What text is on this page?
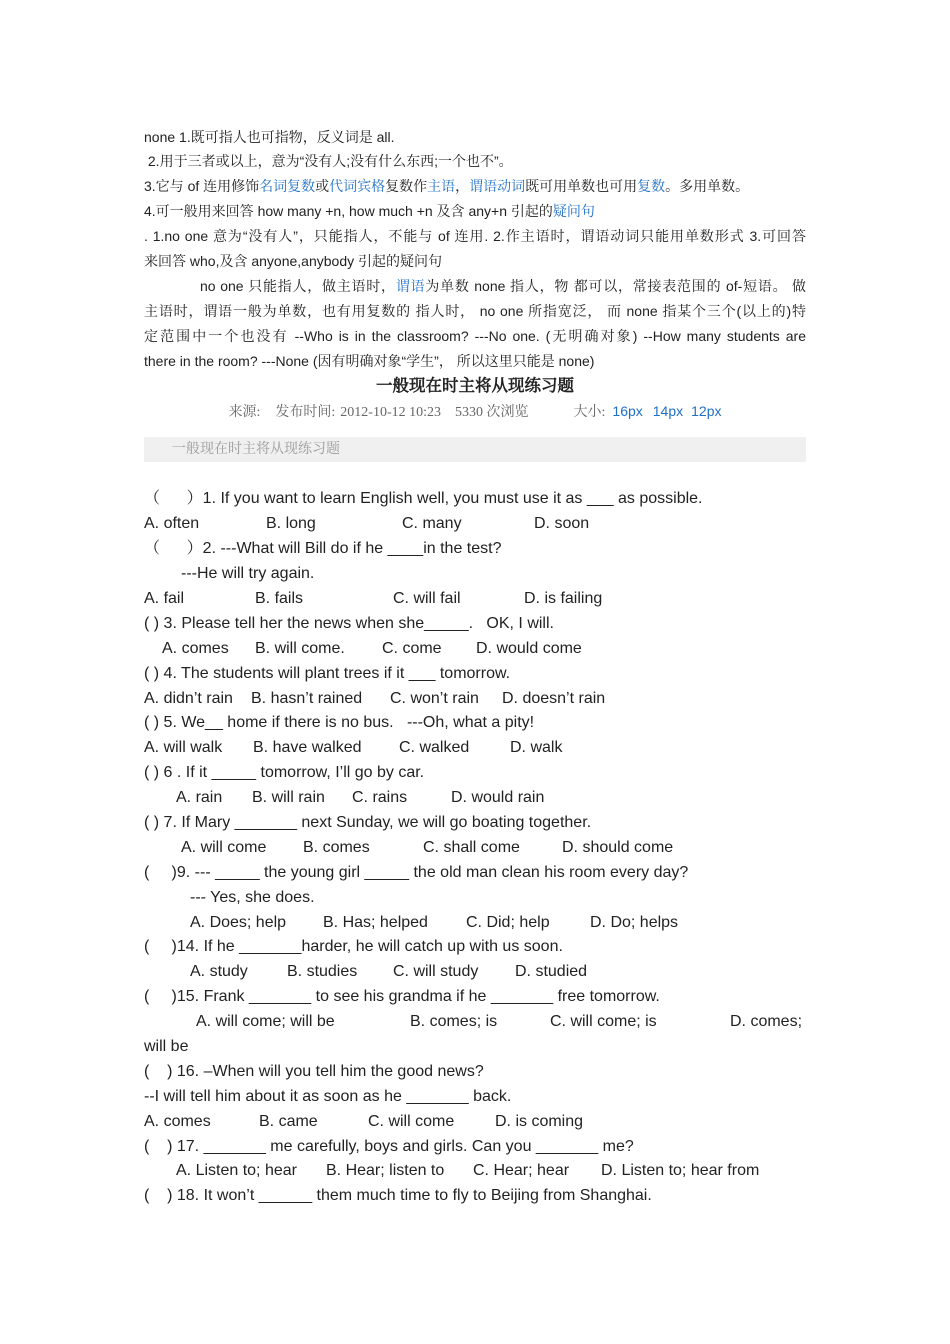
none 1.既可指人也可指物，反义词是 all.
2.用于三者或以上，意为“没有人;没有什么东西;一个也不”。
3.它与 of 连用修饰名词复数或代词宾格复数作主语，谓语动词既可用单数也可用复数。多用单数。
4.可一般用来回答 how many +n, how much +n 及含 any+n 引起的疑问句
. 1.no one 意为“没有人”，只能指人，不能与 of 连用. 2.作主语时，谓语动词只能用单数形式 3.可回答
来回答 who,及含 anyone,anybody 引起的疑问句
no one 只能指人，做主语时，谓语为单数 none 指人，物 都可以，常接表范围的 of-短语。 做
主语时，谓语一般为单数，也有用复数的 指人时， no one 所指宽泛， 而 none 指某个三个(以上的)特
定范围中一个也没有 --Who is in the classroom? ---No one. (无明确对象) --How many students are
there in the room? ---None (因有明确对象“学生”， 所以这里只能是 none)
一般现在时主将从现练习题
来源: 发布时间: 2012-10-12 10:23 5330 次浏览	大小: 16px 14px 12px
一般现在时主将从现练习题
（      ）1. If you want to learn English well, you must use it as ___ as possible.

A. often

	B. long

	C. many

	D. soon

（      ）2. ---What will Bill do if he ____in the test?
---He will try again.

A. fail

	B. fails

	C. will fail

	D. is failing

( ) 3. Please tell her the news when she_____.   OK, I will.

A. comes

B. will come.

C. come

D. would come

( ) 4. The students will plant trees if it ___ tomorrow.

A. didn’t rain

B. hasn’t rained

C. won’t rain

D. doesn’t rain

( ) 5. We__ home if there is no bus.   ---Oh, what a pity!

A. will walk

B. have walked

C. walked

	D. walk

( ) 6 . If it _____ tomorrow, I’ll go by car.

A. rain

B. will rain

C. rains

	D. would rain

( ) 7. If Mary _______ next Sunday, we will go boating together.

A. will come

B. comes

	C. shall come

	D. should come

(     )9. --- _____ the young girl _____ the old man clean his room every day?
--- Yes, she does.

A. Does; help

B. Has; helped

C. Did; help

	D. Do; helps

(     )14. If he _______harder, he will catch up with us soon.

A. study

B. studies

C. will study

D. studied

(     )15. Frank _______ to see his grandma if he _______ free tomorrow.

A. will come; will be

	B. comes; is

	C. will come; is

	D. comes;

will be
(    ) 16. –When will you tell him the good news?
--I will tell him about it as soon as he _______ back.

A. comes

	B. came

	C. will come

	D. is coming

(    ) 17. _______ me carefully, boys and girls. Can you _______ me?

A. Listen to; hear

B. Hear; listen to

C. Hear; hear

D. Listen to; hear from

(    ) 18. It won’t ______ them much time to fly to Beijing from Shanghai.
